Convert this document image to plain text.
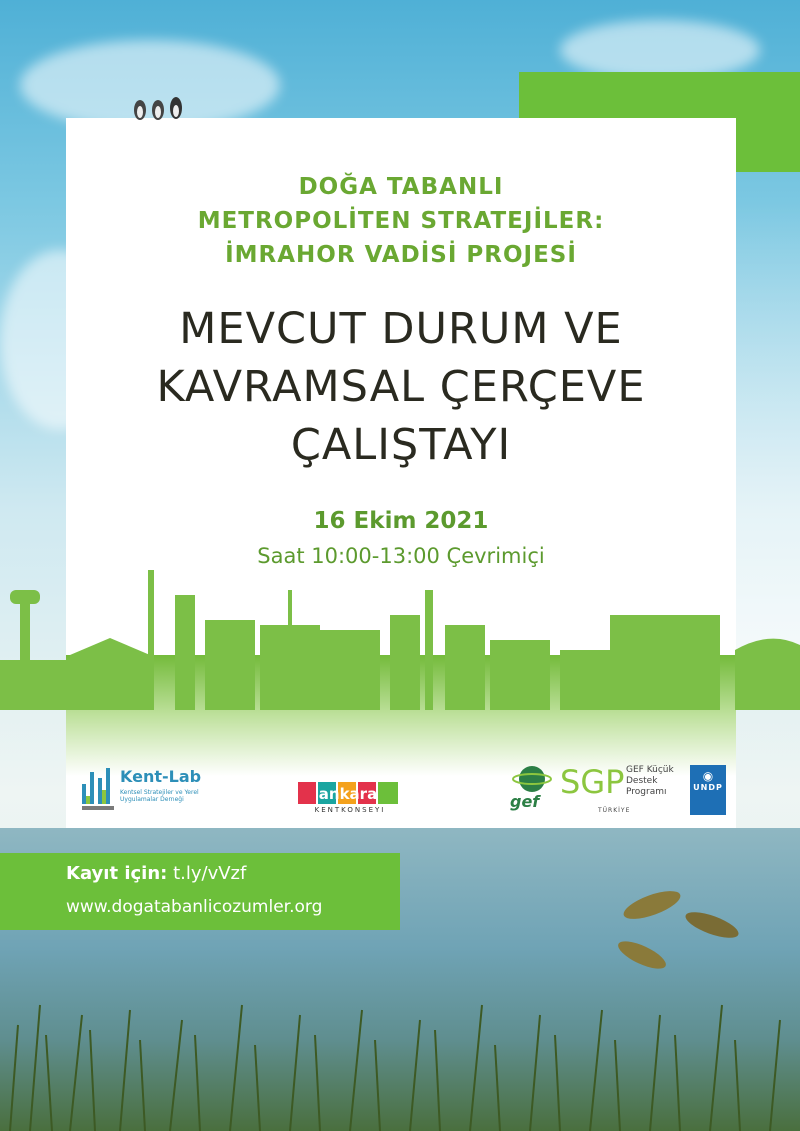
DOĞA TABANLI
METROPOLİTEN STRATEJİLER:
İMRAHOR VADİSİ PROJESİ
MEVCUT DURUM VE
KAVRAMSAL ÇERÇEVE
ÇALIŞTAYI
16 Ekim 2021
Saat 10:00-13:00 Çevrimiçi
Kent-Lab
Kentsel Stratejiler ve Yerel Uygulamalar Derneği	ankara
KENTKONSEYI	gef
SGP GEF Küçük Destek Programı
TÜRKİYE
◉
UNDP
Kayıt için: t.ly/vVzf
www.dogatabanlicozumler.org
